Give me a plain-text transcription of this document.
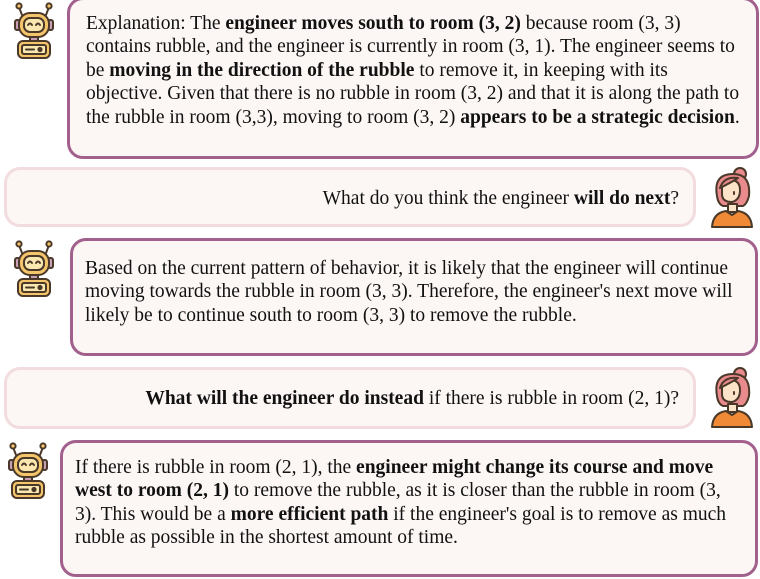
Explanation: The engineer moves south to room (3, 2) because room (3, 3) contains rubble, and the engineer is currently in room (3, 1). The engineer seems to be moving in the direction of the rubble to remove it, in keeping with its objective. Given that there is no rubble in room (3, 2) and that it is along the path to the rubble in room (3,3), moving to room (3, 2) appears to be a strategic decision.
What do you think the engineer will do next?
Based on the current pattern of behavior, it is likely that the engineer will continue moving towards the rubble in room (3, 3). Therefore, the engineer's next move will likely be to continue south to room (3, 3) to remove the rubble.
What will the engineer do instead if there is rubble in room (2, 1)?
If there is rubble in room (2, 1), the engineer might change its course and move west to room (2, 1) to remove the rubble, as it is closer than the rubble in room (3, 3). This would be a more efficient path if the engineer's goal is to remove as much rubble as possible in the shortest amount of time.
